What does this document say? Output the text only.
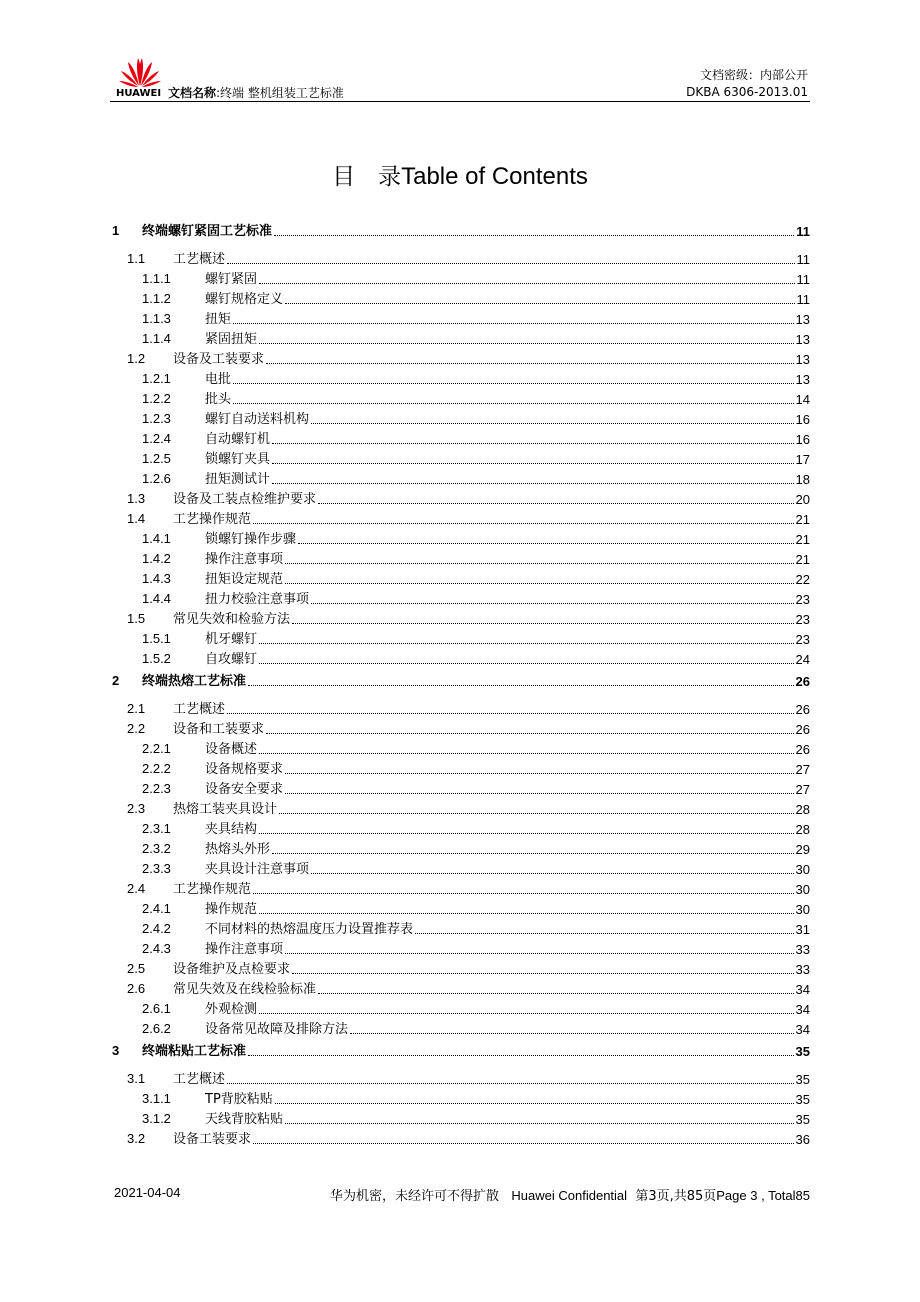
HUAWEI 文档名称:终端 整机组装工艺标准
文档密级：内部公开
DKBA 6306-2013.01
目　录Table of Contents
1 终端螺钉紧固工艺标准	11
1.1 工艺概述	11
1.1.1	螺钉紧固	11
1.1.2	螺钉规格定义	11
1.1.3	扭矩	13
1.1.4	紧固扭矩	13
1.2 设备及工装要求	13
1.2.1	电批	13
1.2.2	批头	14
1.2.3	螺钉自动送料机构	16
1.2.4	自动螺钉机	16
1.2.5	锁螺钉夹具	17
1.2.6	扭矩测试计	18
1.3 设备及工装点检维护要求	20
1.4 工艺操作规范	21
1.4.1	锁螺钉操作步骤	21
1.4.2	操作注意事项	21
1.4.3	扭矩设定规范	22
1.4.4	扭力校验注意事项	23
1.5 常见失效和检验方法	23
1.5.1	机牙螺钉	23
1.5.2	自攻螺钉	24
2 终端热熔工艺标准	26
2.1 工艺概述	26
2.2 设备和工装要求	26
2.2.1	设备概述	26
2.2.2	设备规格要求	27
2.2.3	设备安全要求	27
2.3 热熔工装夹具设计	28
2.3.1	夹具结构	28
2.3.2	热熔头外形	29
2.3.3	夹具设计注意事项	30
2.4 工艺操作规范	30
2.4.1	操作规范	30
2.4.2	不同材料的热熔温度压力设置推荐表	31
2.4.3	操作注意事项	33
2.5 设备维护及点检要求	33
2.6 常见失效及在线检验标准	34
2.6.1	外观检测	34
2.6.2	设备常见故障及排除方法	34
3 终端粘贴工艺标准	35
3.1 工艺概述	35
3.1.1	TP背胶粘贴	35
3.1.2	天线背胶粘贴	35
3.2 设备工装要求	36
2021-04-04	华为机密，未经许可不得扩散 Huawei Confidential 第3页,共85页Page 3 , Total85
